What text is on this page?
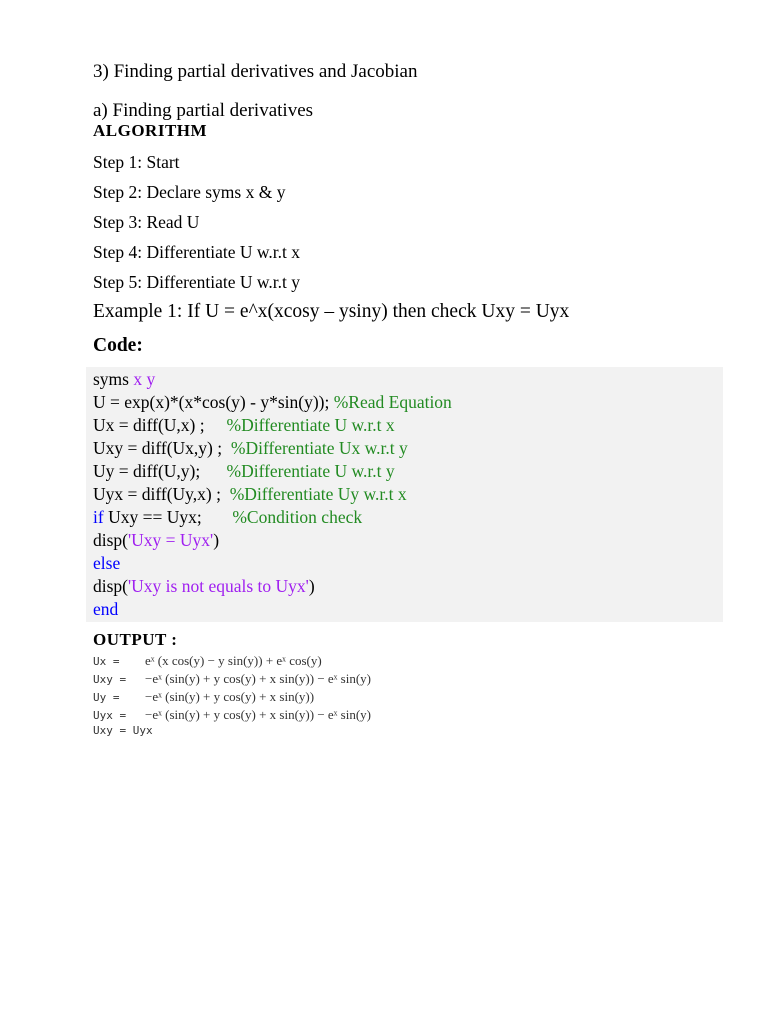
3) Finding partial derivatives and Jacobian
a) Finding partial derivatives
ALGORITHM
Step 1: Start
Step 2: Declare syms x & y
Step 3: Read U
Step 4: Differentiate U w.r.t x
Step 5: Differentiate U w.r.t y
Example 1: If U = e^x(xcosy – ysiny) then check Uxy = Uyx
Code:
syms x y
U = exp(x)*(x*cos(y) - y*sin(y)); %Read Equation
Ux = diff(U,x) ;     %Differentiate U w.r.t x
Uxy = diff(Ux,y) ;  %Differentiate Ux w.r.t y
Uy = diff(U,y);      %Differentiate U w.r.t y
Uyx = diff(Uy,x) ;  %Differentiate Uy w.r.t x
if Uxy == Uyx;       %Condition check
disp('Uxy = Uyx')
else
disp('Uxy is not equals to Uyx')
end
OUTPUT :
Ux = eˣ (x cos(y) − y sin(y)) + eˣ cos(y)
Uxy = −eˣ (sin(y) + y cos(y) + x sin(y)) − eˣ sin(y)
Uy = −eˣ (sin(y) + y cos(y) + x sin(y))
Uyx = −eˣ (sin(y) + y cos(y) + x sin(y)) − eˣ sin(y)
Uxy = Uyx
